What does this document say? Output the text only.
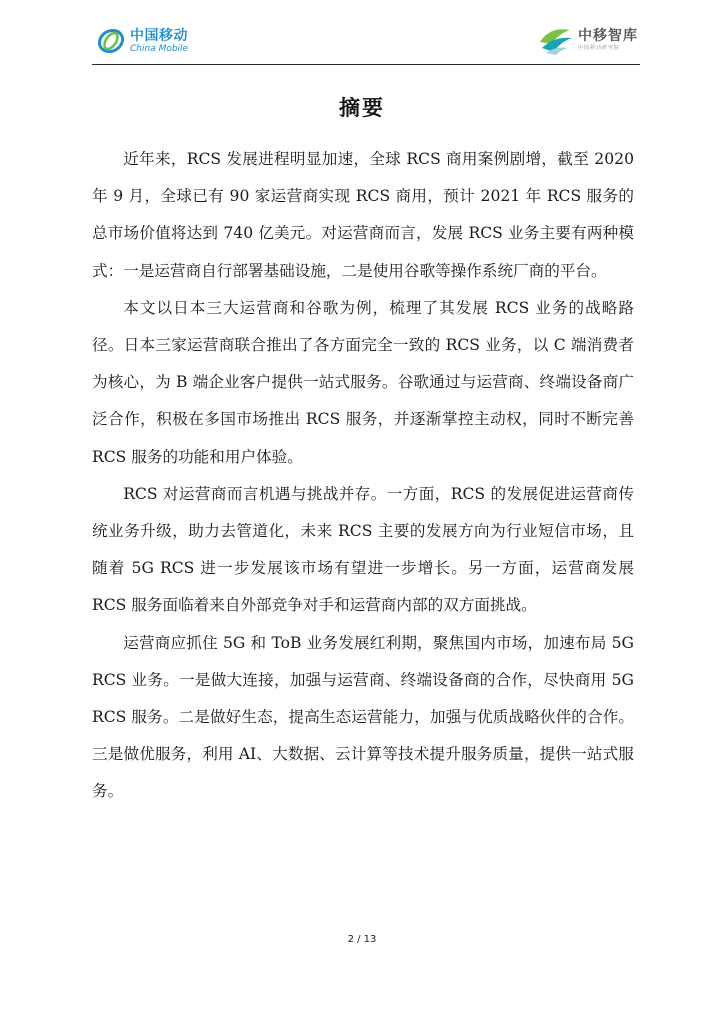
中国移动
China Mobile
中移智库
中国移动研究院
摘要

近年来，RCS 发展进程明显加速，全球 RCS 商用案例剧增，截至 2020 年 9 月，全球已有 90 家运营商实现 RCS 商用，预计 2021 年 RCS 服务的总市场价值将达到 740 亿美元。对运营商而言，发展 RCS 业务主要有两种模式：一是运营商自行部署基础设施，二是使用谷歌等操作系统厂商的平台。

本文以日本三大运营商和谷歌为例，梳理了其发展 RCS 业务的战略路径。日本三家运营商联合推出了各方面完全一致的 RCS 业务，以 C 端消费者为核心，为 B 端企业客户提供一站式服务。谷歌通过与运营商、终端设备商广泛合作，积极在多国市场推出 RCS 服务，并逐渐掌控主动权，同时不断完善 RCS 服务的功能和用户体验。

RCS 对运营商而言机遇与挑战并存。一方面，RCS 的发展促进运营商传统业务升级，助力去管道化，未来 RCS 主要的发展方向为行业短信市场，且随着 5G RCS 进一步发展该市场有望进一步增长。另一方面，运营商发展 RCS 服务面临着来自外部竞争对手和运营商内部的双方面挑战。

运营商应抓住 5G 和 ToB 业务发展红利期，聚焦国内市场，加速布局 5G RCS 业务。一是做大连接，加强与运营商、终端设备商的合作，尽快商用 5G RCS 服务。二是做好生态，提高生态运营能力，加强与优质战略伙伴的合作。三是做优服务，利用 AI、大数据、云计算等技术提升服务质量，提供一站式服务。

2 / 13
